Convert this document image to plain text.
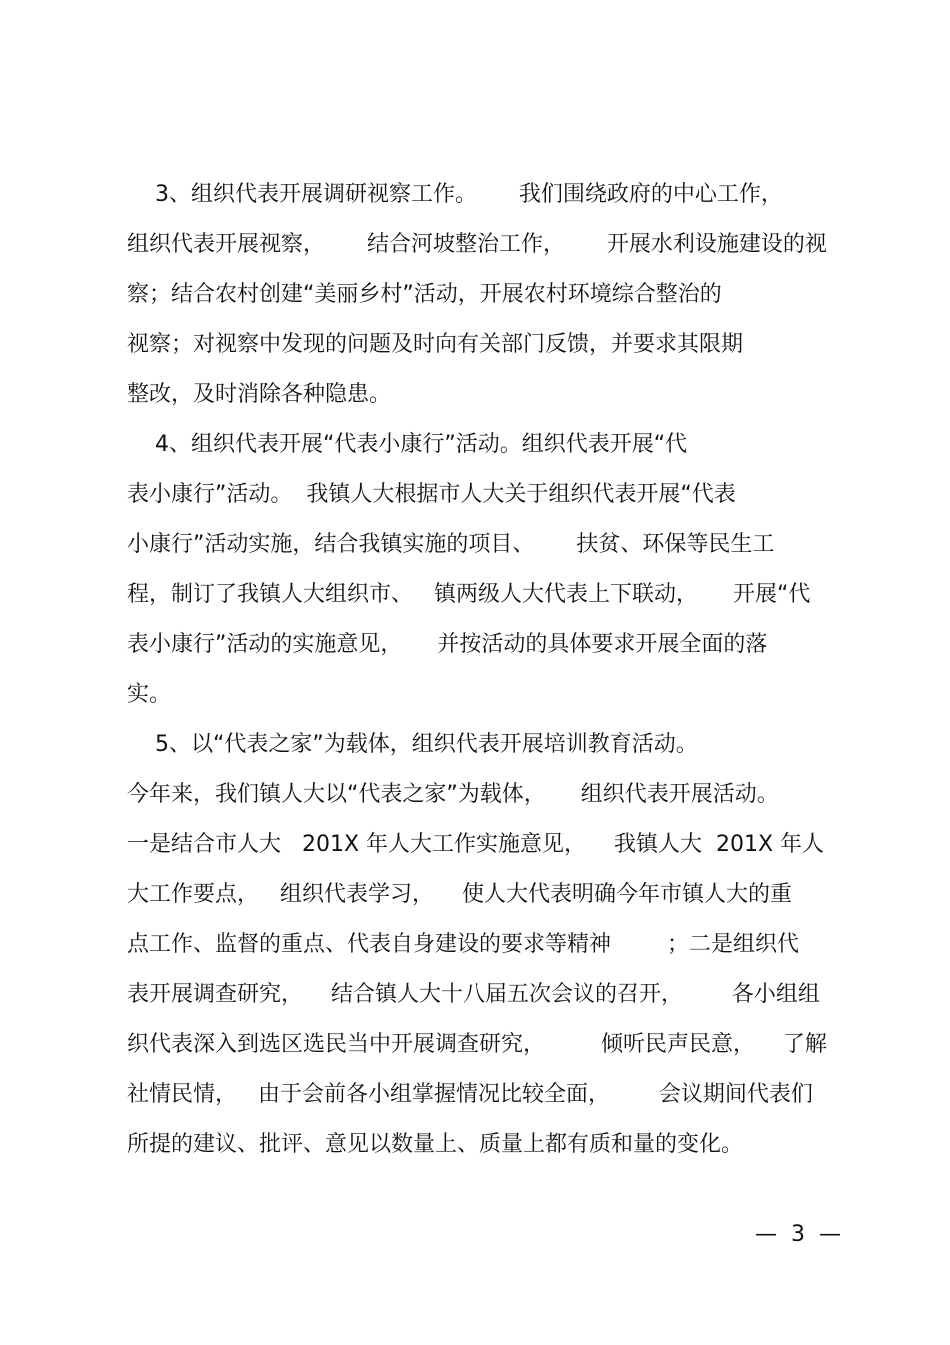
3、组织代表开展调研视察工作。      我们围绕政府的中心工作，
组织代表开展视察，      结合河坡整治工作，      开展水利设施建设的视
察；结合农村创建“美丽乡村”活动，开展农村环境综合整治的
视察；对视察中发现的问题及时向有关部门反馈，并要求其限期
整改，及时消除各种隐患。
4、组织代表开展“代表小康行”活动。组织代表开展“代
表小康行”活动。  我镇人大根据市人大关于组织代表开展“代表
小康行”活动实施，结合我镇实施的项目、      扶贫、环保等民生工
程，制订了我镇人大组织市、   镇两级人大代表上下联动，     开展“代
表小康行”活动的实施意见，     并按活动的具体要求开展全面的落
实。
5、以“代表之家”为载体，组织代表开展培训教育活动。
今年来，我们镇人大以“代表之家”为载体，     组织代表开展活动。
一是结合市人大   201X 年人大工作实施意见，    我镇人大  201X 年人
大工作要点，   组织代表学习，    使人大代表明确今年市镇人大的重
点工作、监督的重点、代表自身建设的要求等精神        ；二是组织代
表开展调查研究，    结合镇人大十八届五次会议的召开，       各小组组
织代表深入到选区选民当中开展调查研究，        倾听民声民意，    了解
社情民情，   由于会前各小组掌握情况比较全面，       会议期间代表们
所提的建议、批评、意见以数量上、质量上都有质和量的变化。
—  3  —
